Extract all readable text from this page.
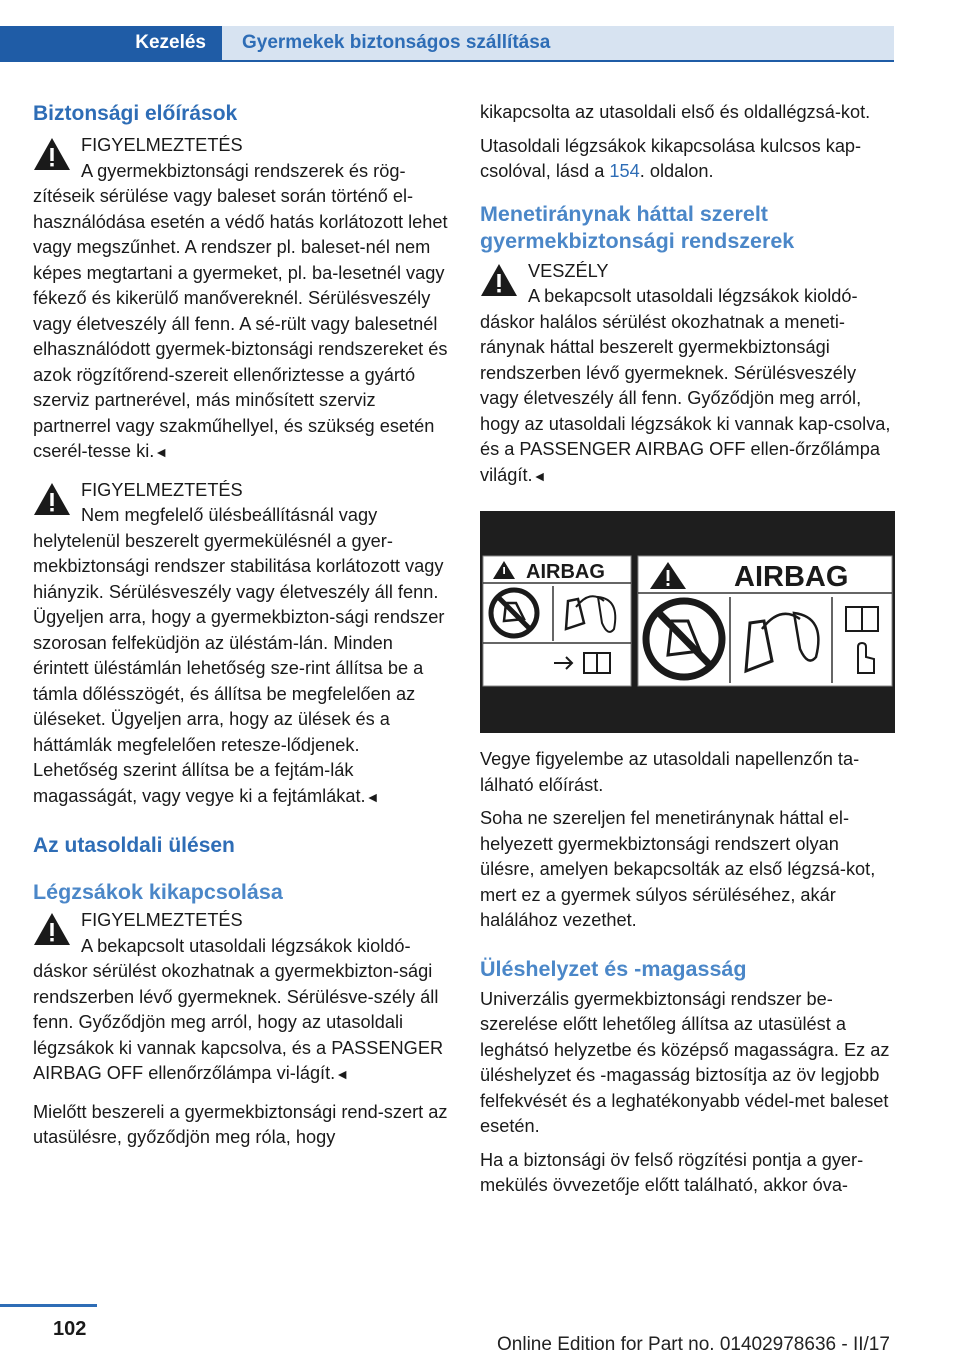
Kezelés	Gyermekek biztonságos szállítása
Biztonsági előírások
FIGYELMEZTETÉS
A gyermekbiztonsági rendszerek és rög-
zítéseik sérülése vagy baleset során történő el-használódása esetén a védő hatás korlátozott lehet vagy megszűnhet. A rendszer pl. baleset-nél nem képes megtartani a gyermeket, pl. ba-lesetnél vagy fékező és kikerülő manővereknél. Sérülésveszély vagy életveszély áll fenn. A sé-rült vagy balesetnél elhasználódott gyermek-biztonsági rendszereket és azok rögzítőrend-szereit ellenőriztesse a gyártó szerviz partnerével, más minősített szerviz partnerrel vagy szakműhellyel, és szükség esetén cserél-tesse ki.◄
FIGYELMEZTETÉS
Nem megfelelő ülésbeállításnál vagy
helytelenül beszerelt gyermekülésnél a gyer-mekbiztonsági rendszer stabilitása korlátozott vagy hiányzik. Sérülésveszély vagy életveszély áll fenn. Ügyeljen arra, hogy a gyermekbizton-sági rendszer szorosan felfeküdjön az üléstám-lán. Minden érintett üléstámlán lehetőség sze-rint állítsa be a támla dőlésszögét, és állítsa be megfelelően az üléseket. Ügyeljen arra, hogy az ülések és a háttámlák megfelelően retesze-lődjenek. Lehetőség szerint állítsa be a fejtám-lák magasságát, vagy vegye ki a fejtámlákat.◄
Az utasoldali ülésen
Légzsákok kikapcsolása
FIGYELMEZTETÉS
A bekapcsolt utasoldali légzsákok kioldó-
dáskor sérülést okozhatnak a gyermekbizton-sági rendszerben lévő gyermeknek. Sérülésve-szély áll fenn. Győződjön meg arról, hogy az utasoldali légzsákok ki vannak kapcsolva, és a PASSENGER AIRBAG OFF ellenőrzőlámpa vi-lágít.◄

Mielőtt beszereli a gyermekbiztonsági rend-szert az utasülésre, győződjön meg róla, hogy

kikapcsolta az utasoldali első és oldallégzsá-kot.

Utasoldali légzsákok kikapcsolása kulcsos kap-csolóval, lásd a 154. oldalon.

Menetiránynak háttal szerelt gyermekbiztonsági rendszerek
VESZÉLY
A bekapcsolt utasoldali légzsákok kioldó-
dáskor halálos sérülést okozhatnak a meneti-ránynak háttal beszerelt gyermekbiztonsági rendszerben lévő gyermeknek. Sérülésveszély vagy életveszély áll fenn. Győződjön meg arról, hogy az utasoldali légzsákok ki vannak kap-csolva, és a PASSENGER AIRBAG OFF ellen-őrzőlámpa világít.◄
AIRBAG	AIRBAG

Vegye figyelembe az utasoldali napellenzőn ta-lálható előírást.

Soha ne szereljen fel menetiránynak háttal el-helyezett gyermekbiztonsági rendszert olyan ülésre, amelyen bekapcsolták az első légzsá-kot, mert ez a gyermek súlyos sérüléséhez, akár halálához vezethet.

Üléshelyzet és -magasság

Univerzális gyermekbiztonsági rendszer be-szerelése előtt lehetőleg állítsa az utasülést a leghátsó helyzetbe és középső magasságra. Ez az üléshelyzet és -magasság biztosítja az öv legjobb felfekvését és a leghatékonyabb védel-met baleset esetén.

Ha a biztonsági öv felső rögzítési pontja a gyer-mekülés övvezetője előtt található, akkor óva-

102
Online Edition for Part no. 01402978636 - II/17
